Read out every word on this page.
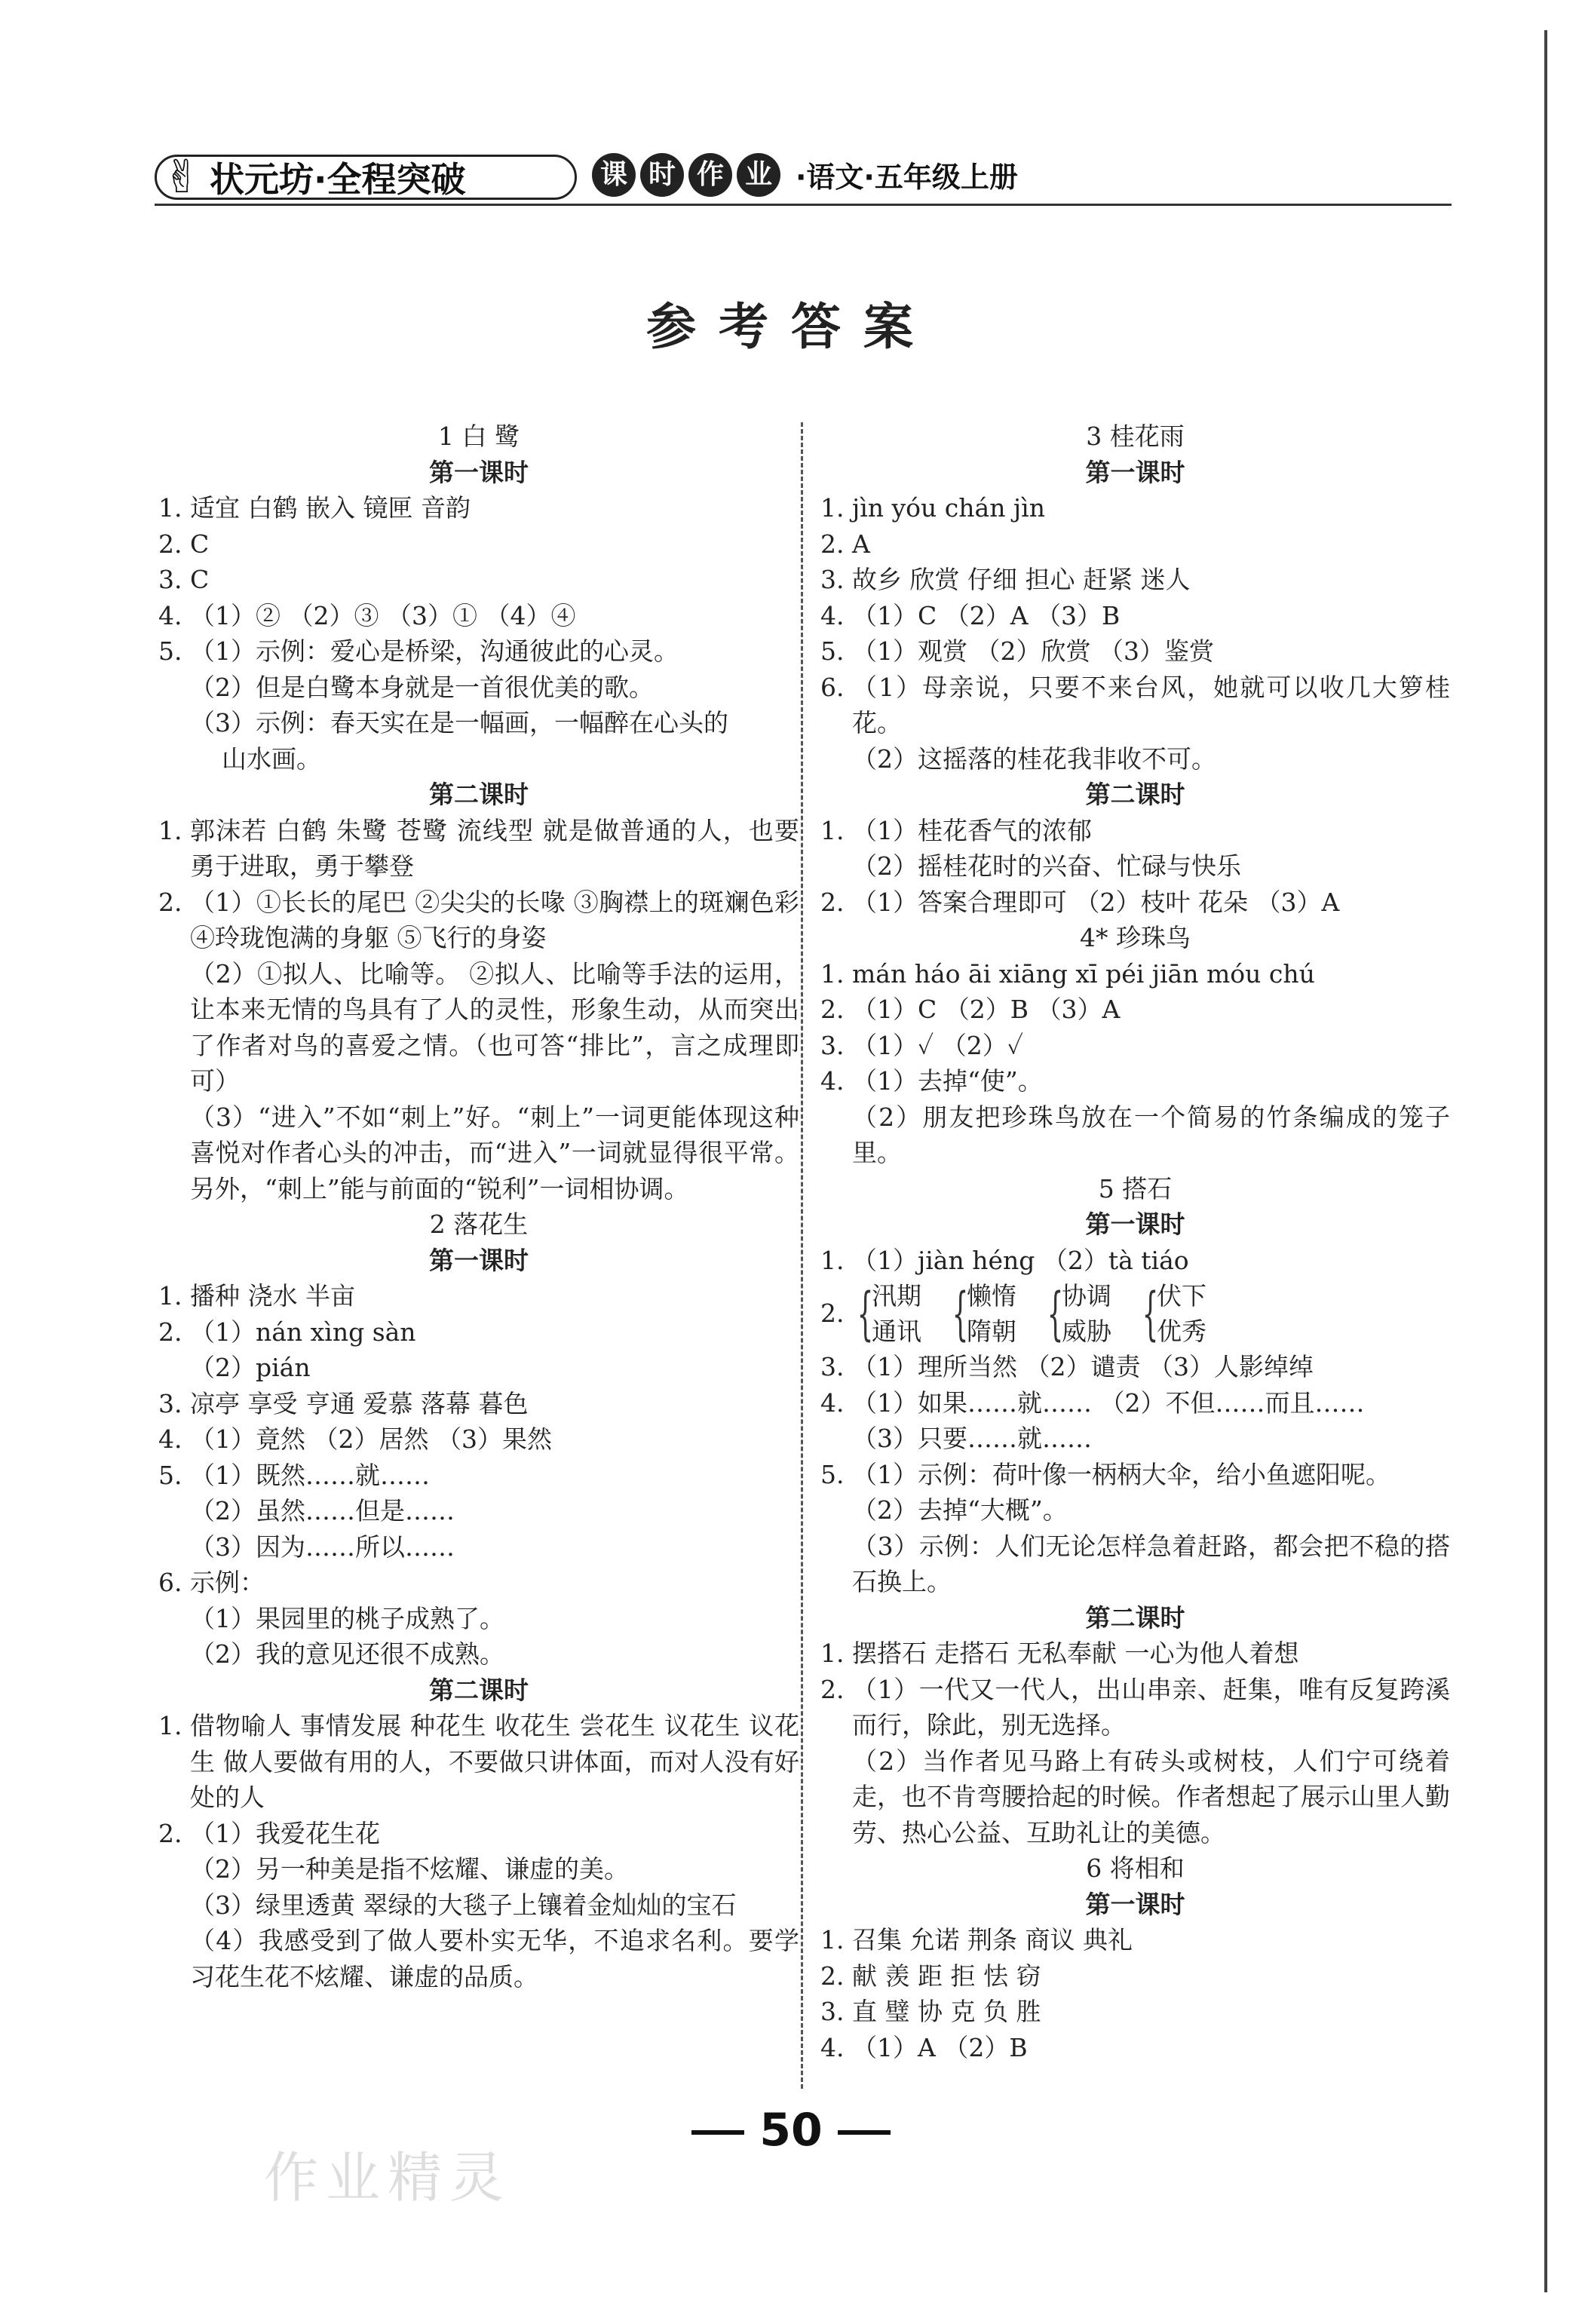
✌ 状元坊·全程突破	课 时 作 业 ·语文·五年级上册
参考答案
1 白 鹭
第一课时
1. 适宜 白鹤 嵌入 镜匣 音韵
2. C
3. C
4. （1）② （2）③ （3）① （4）④
5. （1）示例：爱心是桥梁，沟通彼此的心灵。
（2）但是白鹭本身就是一首很优美的歌。
（3）示例：春天实在是一幅画，一幅醉在心头的
山水画。
第二课时
1. 郭沫若 白鹤 朱鹭 苍鹭 流线型 就是做普通的人，也要勇于进取，勇于攀登
2. （1）①长长的尾巴 ②尖尖的长喙 ③胸襟上的斑斓色彩 ④玲珑饱满的身躯 ⑤飞行的身姿
（2）①拟人、比喻等。 ②拟人、比喻等手法的运用，让本来无情的鸟具有了人的灵性，形象生动，从而突出了作者对鸟的喜爱之情。（也可答“排比”，言之成理即可）
（3）“进入”不如“刺上”好。“刺上”一词更能体现这种喜悦对作者心头的冲击，而“进入”一词就显得很平常。另外，“刺上”能与前面的“锐利”一词相协调。
2 落花生
第一课时
1. 播种 浇水 半亩
2. （1）nán xìng sàn
（2）pián
3. 凉亭 享受 亨通 爱慕 落幕 暮色
4. （1）竟然 （2）居然 （3）果然
5. （1）既然……就……
（2）虽然……但是……
（3）因为……所以……
6. 示例：
（1）果园里的桃子成熟了。
（2）我的意见还很不成熟。
第二课时
1. 借物喻人 事情发展 种花生 收花生 尝花生 议花生 议花生 做人要做有用的人，不要做只讲体面，而对人没有好处的人
2. （1）我爱花生花
（2）另一种美是指不炫耀、谦虚的美。
（3）绿里透黄 翠绿的大毯子上镶着金灿灿的宝石
（4）我感受到了做人要朴实无华，不追求名利。要学习花生花不炫耀、谦虚的品质。
3 桂花雨
第一课时
1. jìn yóu chán jìn
2. A
3. 故乡 欣赏 仔细 担心 赶紧 迷人
4. （1）C （2）A （3）B
5. （1）观赏 （2）欣赏 （3）鉴赏
6. （1）母亲说，只要不来台风，她就可以收几大箩桂花。
（2）这摇落的桂花我非收不可。
第二课时
1. （1）桂花香气的浓郁
（2）摇桂花时的兴奋、忙碌与快乐
2. （1）答案合理即可 （2）枝叶 花朵 （3）A
4* 珍珠鸟
1. mán háo āi xiāng xī péi jiān móu chú
2. （1）C （2）B （3）A
3. （1）✓ （2）✓
4. （1）去掉“使”。
（2）朋友把珍珠鸟放在一个简易的竹条编成的笼子里。
5 搭石
第一课时
1. （1）jiàn héng （2）tà tiáo
2. {
汛期
通讯 {
懒惰
隋朝 {
协调
威胁 {
伏下
优秀
3. （1）理所当然 （2）谴责 （3）人影绰绰
4. （1）如果……就…… （2）不但……而且……
（3）只要……就……
5. （1）示例：荷叶像一柄柄大伞，给小鱼遮阳呢。
（2）去掉“大概”。
（3）示例：人们无论怎样急着赶路，都会把不稳的搭石换上。
第二课时
1. 摆搭石 走搭石 无私奉献 一心为他人着想
2. （1）一代又一代人，出山串亲、赶集，唯有反复跨溪而行，除此，别无选择。
（2）当作者见马路上有砖头或树枝，人们宁可绕着走，也不肯弯腰拾起的时候。作者想起了展示山里人勤劳、热心公益、互助礼让的美德。
6 将相和
第一课时
1. 召集 允诺 荆条 商议 典礼
2. 献 羡 距 拒 怯 窃
3. 直 璧 协 克 负 胜
4. （1）A （2）B
50
作业精灵
